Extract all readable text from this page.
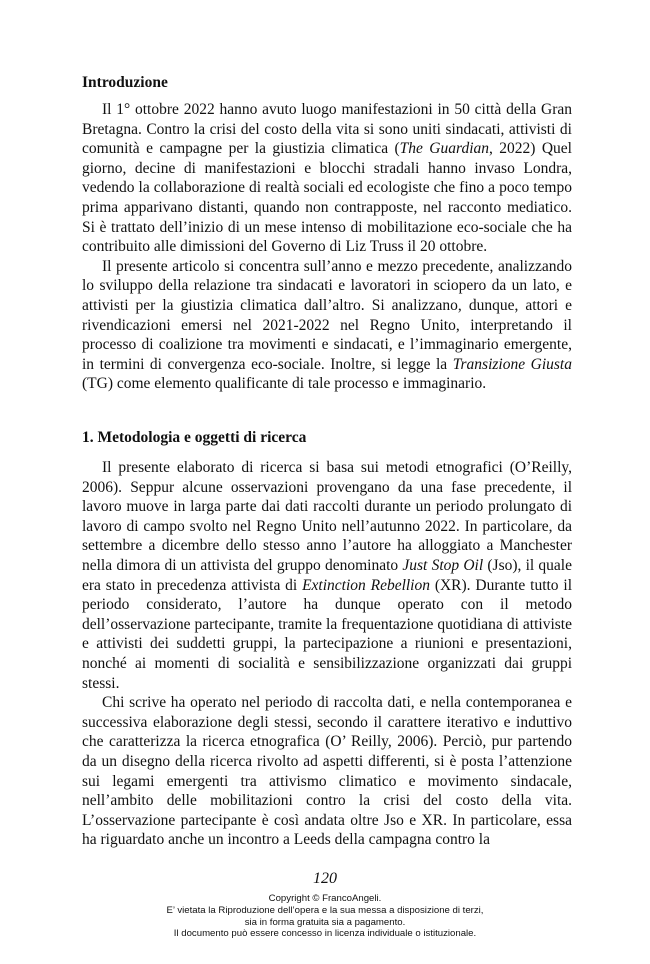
Introduzione

Il 1° ottobre 2022 hanno avuto luogo manifestazioni in 50 città della Gran Bretagna. Contro la crisi del costo della vita si sono uniti sindacati, attivisti di comunità e campagne per la giustizia climatica (The Guardian, 2022) Quel giorno, decine di manifestazioni e blocchi stradali hanno invaso Londra, vedendo la collaborazione di realtà sociali ed ecologiste che fino a poco tempo prima apparivano distanti, quando non contrapposte, nel racconto mediatico. Si è trattato dell’inizio di un mese intenso di mobilitazione eco-sociale che ha contribuito alle dimissioni del Governo di Liz Truss il 20 ottobre.

Il presente articolo si concentra sull’anno e mezzo precedente, analizzando lo sviluppo della relazione tra sindacati e lavoratori in sciopero da un lato, e attivisti per la giustizia climatica dall’altro. Si analizzano, dunque, attori e rivendicazioni emersi nel 2021-2022 nel Regno Unito, interpretando il processo di coalizione tra movimenti e sindacati, e l’immaginario emergente, in termini di convergenza eco-sociale. Inoltre, si legge la Transizione Giusta (TG) come elemento qualificante di tale processo e immaginario.

1. Metodologia e oggetti di ricerca

Il presente elaborato di ricerca si basa sui metodi etnografici (O’Reilly, 2006). Seppur alcune osservazioni provengano da una fase precedente, il lavoro muove in larga parte dai dati raccolti durante un periodo prolungato di lavoro di campo svolto nel Regno Unito nell’autunno 2022. In particolare, da settembre a dicembre dello stesso anno l’autore ha alloggiato a Manchester nella dimora di un attivista del gruppo denominato Just Stop Oil (Jso), il quale era stato in precedenza attivista di Extinction Rebellion (XR). Durante tutto il periodo considerato, l’autore ha dunque operato con il metodo dell’osservazione partecipante, tramite la frequentazione quotidiana di attiviste e attivisti dei suddetti gruppi, la partecipazione a riunioni e presentazioni, nonché ai momenti di socialità e sensibilizzazione organizzati dai gruppi stessi.

Chi scrive ha operato nel periodo di raccolta dati, e nella contemporanea e successiva elaborazione degli stessi, secondo il carattere iterativo e induttivo che caratterizza la ricerca etnografica (O’ Reilly, 2006). Perciò, pur partendo da un disegno della ricerca rivolto ad aspetti differenti, si è posta l’attenzione sui legami emergenti tra attivismo climatico e movimento sindacale, nell’ambito delle mobilitazioni contro la crisi del costo della vita. L’osservazione partecipante è così andata oltre Jso e XR. In particolare, essa ha riguardato anche un incontro a Leeds della campagna contro la

120

Copyright © FrancoAngeli.
E’ vietata la Riproduzione dell’opera e la sua messa a disposizione di terzi,
sia in forma gratuita sia a pagamento.
Il documento può essere concesso in licenza individuale o istituzionale.
